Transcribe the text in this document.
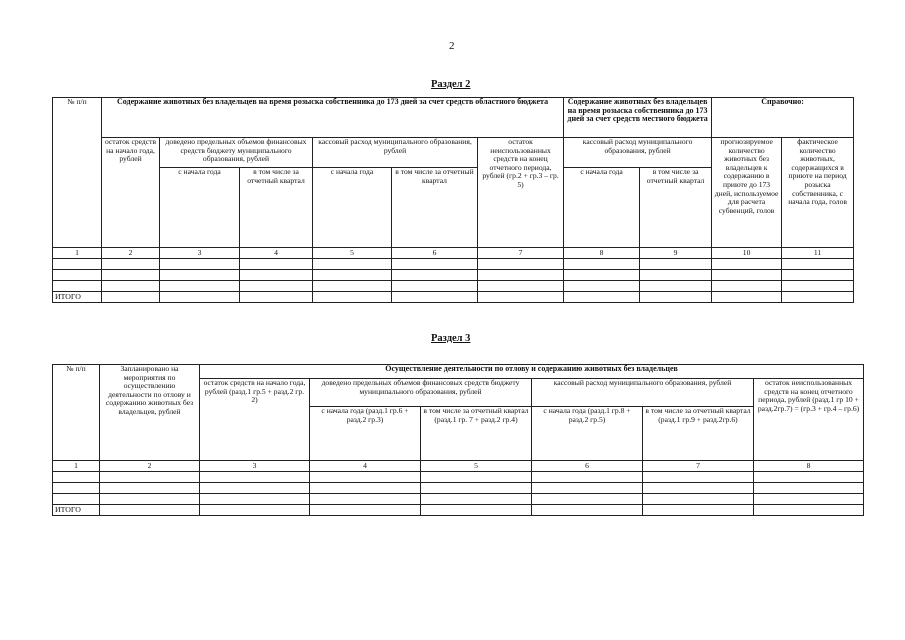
2
Раздел 2
№ п/п	Содержание животных без владельцев на время розыска собственника до 173 дней за счет средств областного бюджета						Содержание животных без владельцев на время розыска собственника до 173 дней за счет средств местного бюджета		Справочно:	
	остаток средств на начало года, рублей	доведено предельных объемов финансовых средств бюджету муниципального образования, рублей		кассовый расход муниципального образования, рублей		остаток неиспользованных средств на конец отчетного периода, рублей (гр.2 + гр.3 – гр. 5)	кассовый расход муниципального образования, рублей		прогнозируемое количество животных без владельцев к содержанию в приюте до 173 дней, используемое для расчета субвенций, голов	фактическое количество животных, содержащихся в приюте на период розыска собственника, с начала года, голов
		с начала года	в том числе за отчетный квартал	с начала года	в том числе за отчетный квартал		с начала года	в том числе за отчетный квартал		
1	2	3	4	5	6	7	8	9	10	11

ИТОГО										
Раздел 3
№ п/п	Запланировано на мероприятия по осуществлению деятельности по отлову и содержанию животных без владельцев, рублей	Осуществление деятельности по отлову и содержанию животных без владельцев					
		остаток средств на начало года, рублей (разд.1 гр.5 + разд.2 гр. 2)	доведено предельных объемов финансовых средств бюджету муниципального образования, рублей		кассовый расход муниципального образования, рублей		остаток неиспользованных средств на конец отчетного периода, рублей (разд.1 гр 10 + разд.2гр.7) = (гр.3 + гр.4 – гр.6)
			с начала года (разд.1 гр.6 + разд.2 гр.3)	в том числе за отчетный квартал (разд.1 гр. 7 + разд.2 гр.4)	с начала года (разд.1 гр.8 + разд.2 гр.5)	в том числе за отчетный квартал (разд.1 гр.9 + разд.2гр.6)	
1	2	3	4	5	6	7	8

ИТОГО							
